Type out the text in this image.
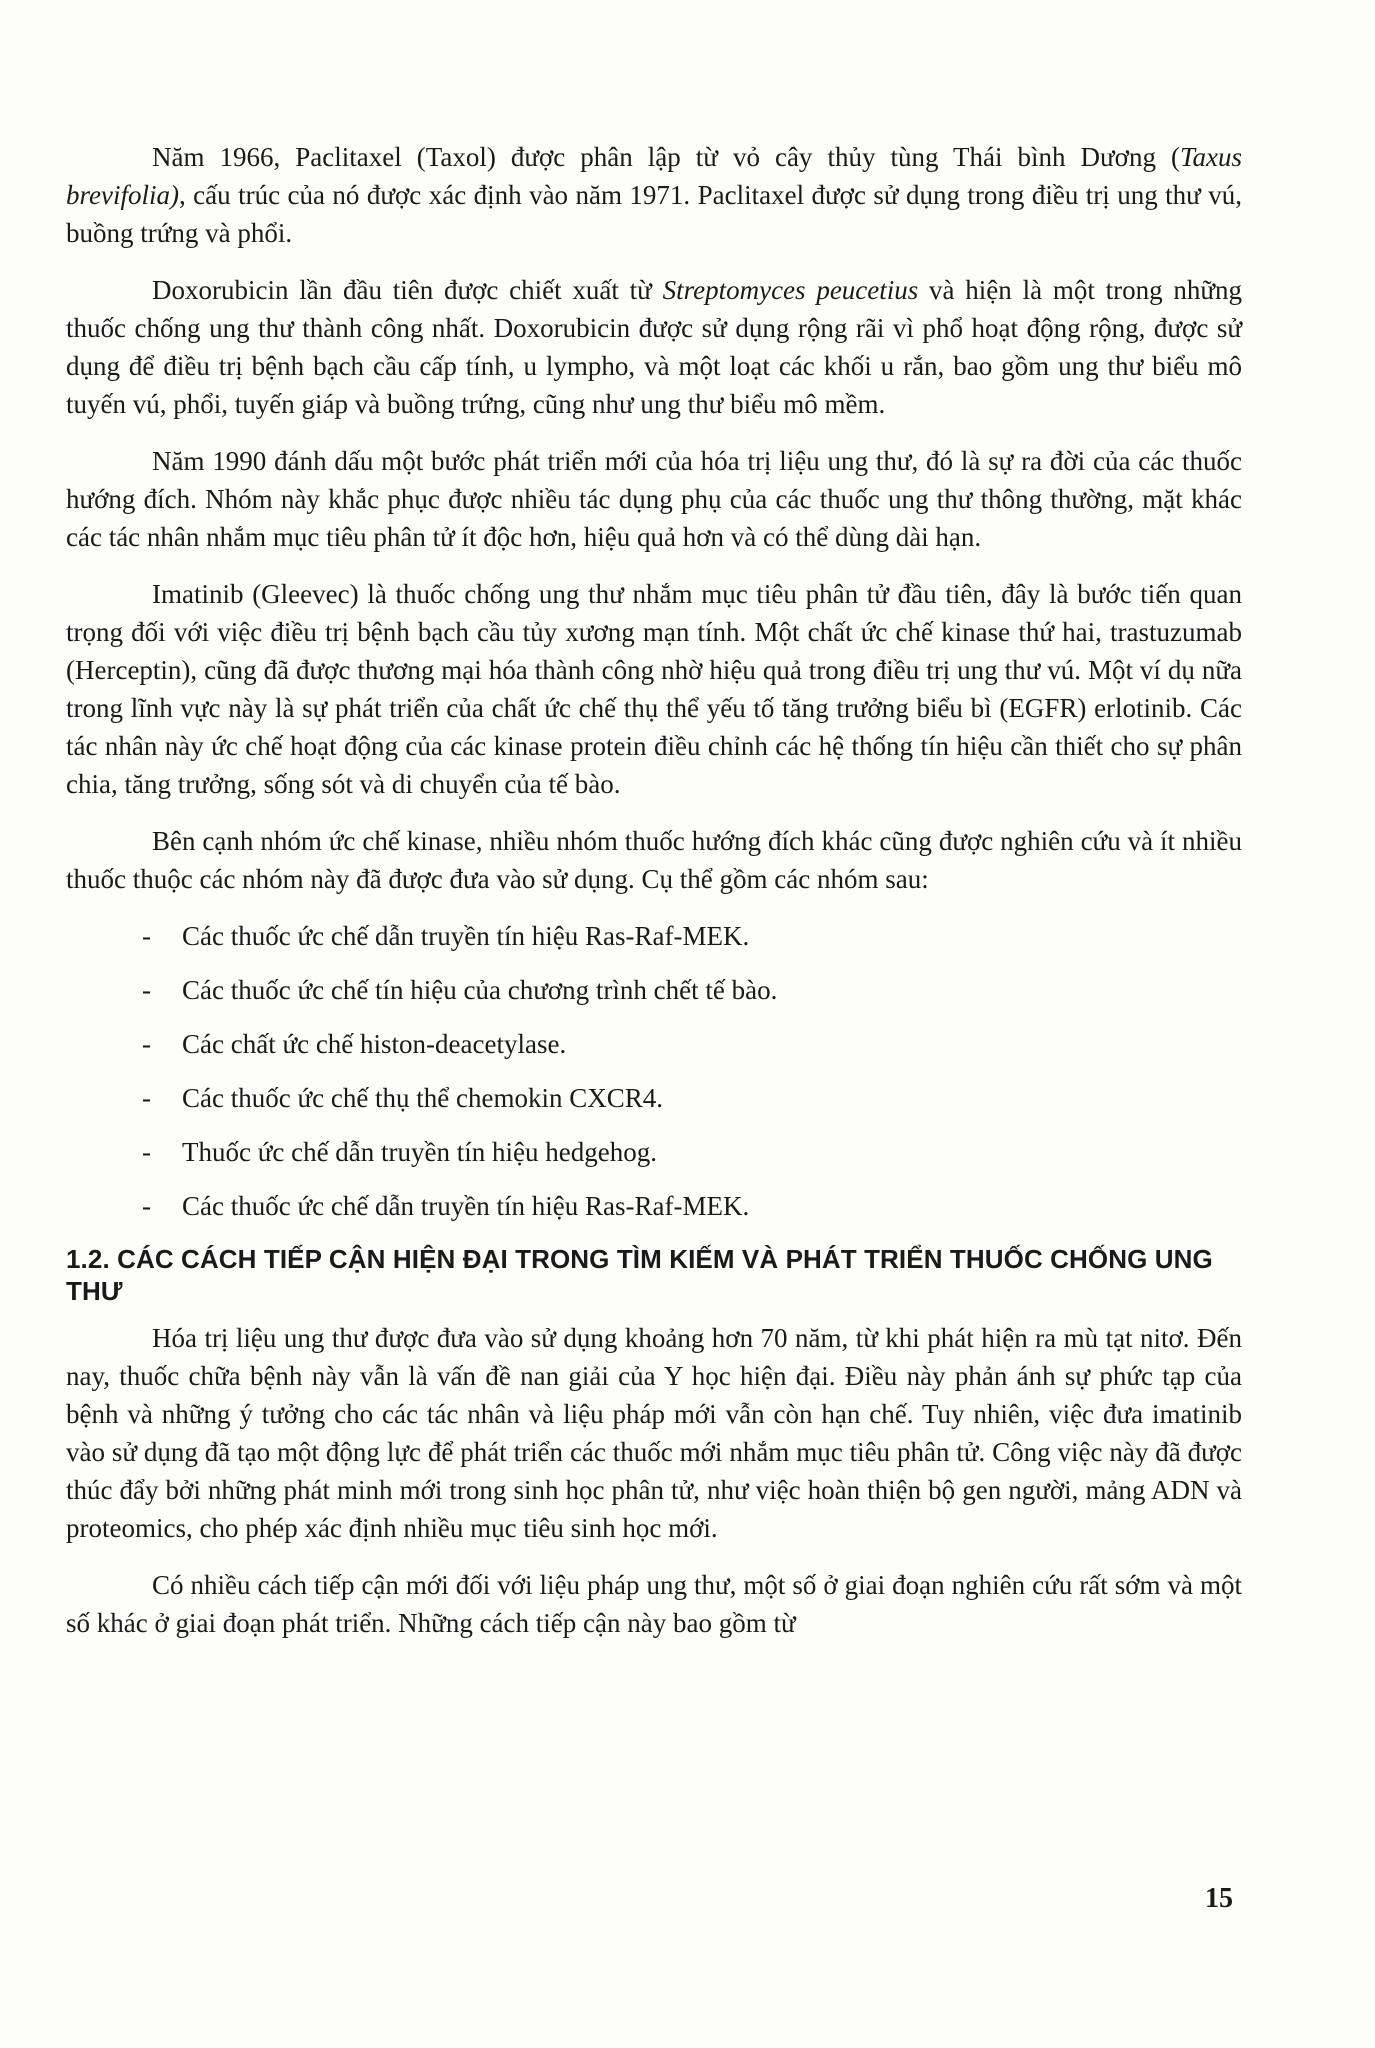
Năm 1966, Paclitaxel (Taxol) được phân lập từ vỏ cây thủy tùng Thái bình Dương (Taxus brevifolia), cấu trúc của nó được xác định vào năm 1971. Paclitaxel được sử dụng trong điều trị ung thư vú, buồng trứng và phổi.

Doxorubicin lần đầu tiên được chiết xuất từ Streptomyces peucetius và hiện là một trong những thuốc chống ung thư thành công nhất. Doxorubicin được sử dụng rộng rãi vì phổ hoạt động rộng, được sử dụng để điều trị bệnh bạch cầu cấp tính, u lympho, và một loạt các khối u rắn, bao gồm ung thư biểu mô tuyến vú, phổi, tuyến giáp và buồng trứng, cũng như ung thư biểu mô mềm.

Năm 1990 đánh dấu một bước phát triển mới của hóa trị liệu ung thư, đó là sự ra đời của các thuốc hướng đích. Nhóm này khắc phục được nhiều tác dụng phụ của các thuốc ung thư thông thường, mặt khác các tác nhân nhắm mục tiêu phân tử ít độc hơn, hiệu quả hơn và có thể dùng dài hạn.

Imatinib (Gleevec) là thuốc chống ung thư nhắm mục tiêu phân tử đầu tiên, đây là bước tiến quan trọng đối với việc điều trị bệnh bạch cầu tủy xương mạn tính. Một chất ức chế kinase thứ hai, trastuzumab (Herceptin), cũng đã được thương mại hóa thành công nhờ hiệu quả trong điều trị ung thư vú. Một ví dụ nữa trong lĩnh vực này là sự phát triển của chất ức chế thụ thể yếu tố tăng trưởng biểu bì (EGFR) erlotinib. Các tác nhân này ức chế hoạt động của các kinase protein điều chỉnh các hệ thống tín hiệu cần thiết cho sự phân chia, tăng trưởng, sống sót và di chuyển của tế bào.

Bên cạnh nhóm ức chế kinase, nhiều nhóm thuốc hướng đích khác cũng được nghiên cứu và ít nhiều thuốc thuộc các nhóm này đã được đưa vào sử dụng. Cụ thể gồm các nhóm sau:

- Các thuốc ức chế dẫn truyền tín hiệu Ras-Raf-MEK.
- Các thuốc ức chế tín hiệu của chương trình chết tế bào.
- Các chất ức chế histon-deacetylase.
- Các thuốc ức chế thụ thể chemokin CXCR4.
- Thuốc ức chế dẫn truyền tín hiệu hedgehog.
- Các thuốc ức chế dẫn truyền tín hiệu Ras-Raf-MEK.
1.2. CÁC CÁCH TIẾP CẬN HIỆN ĐẠI TRONG TÌM KIẾM VÀ PHÁT TRIỂN THUỐC CHỐNG UNG THƯ

Hóa trị liệu ung thư được đưa vào sử dụng khoảng hơn 70 năm, từ khi phát hiện ra mù tạt nitơ. Đến nay, thuốc chữa bệnh này vẫn là vấn đề nan giải của Y học hiện đại. Điều này phản ánh sự phức tạp của bệnh và những ý tưởng cho các tác nhân và liệu pháp mới vẫn còn hạn chế. Tuy nhiên, việc đưa imatinib vào sử dụng đã tạo một động lực để phát triển các thuốc mới nhắm mục tiêu phân tử. Công việc này đã được thúc đẩy bởi những phát minh mới trong sinh học phân tử, như việc hoàn thiện bộ gen người, mảng ADN và proteomics, cho phép xác định nhiều mục tiêu sinh học mới.

Có nhiều cách tiếp cận mới đối với liệu pháp ung thư, một số ở giai đoạn nghiên cứu rất sớm và một số khác ở giai đoạn phát triển. Những cách tiếp cận này bao gồm từ

15
